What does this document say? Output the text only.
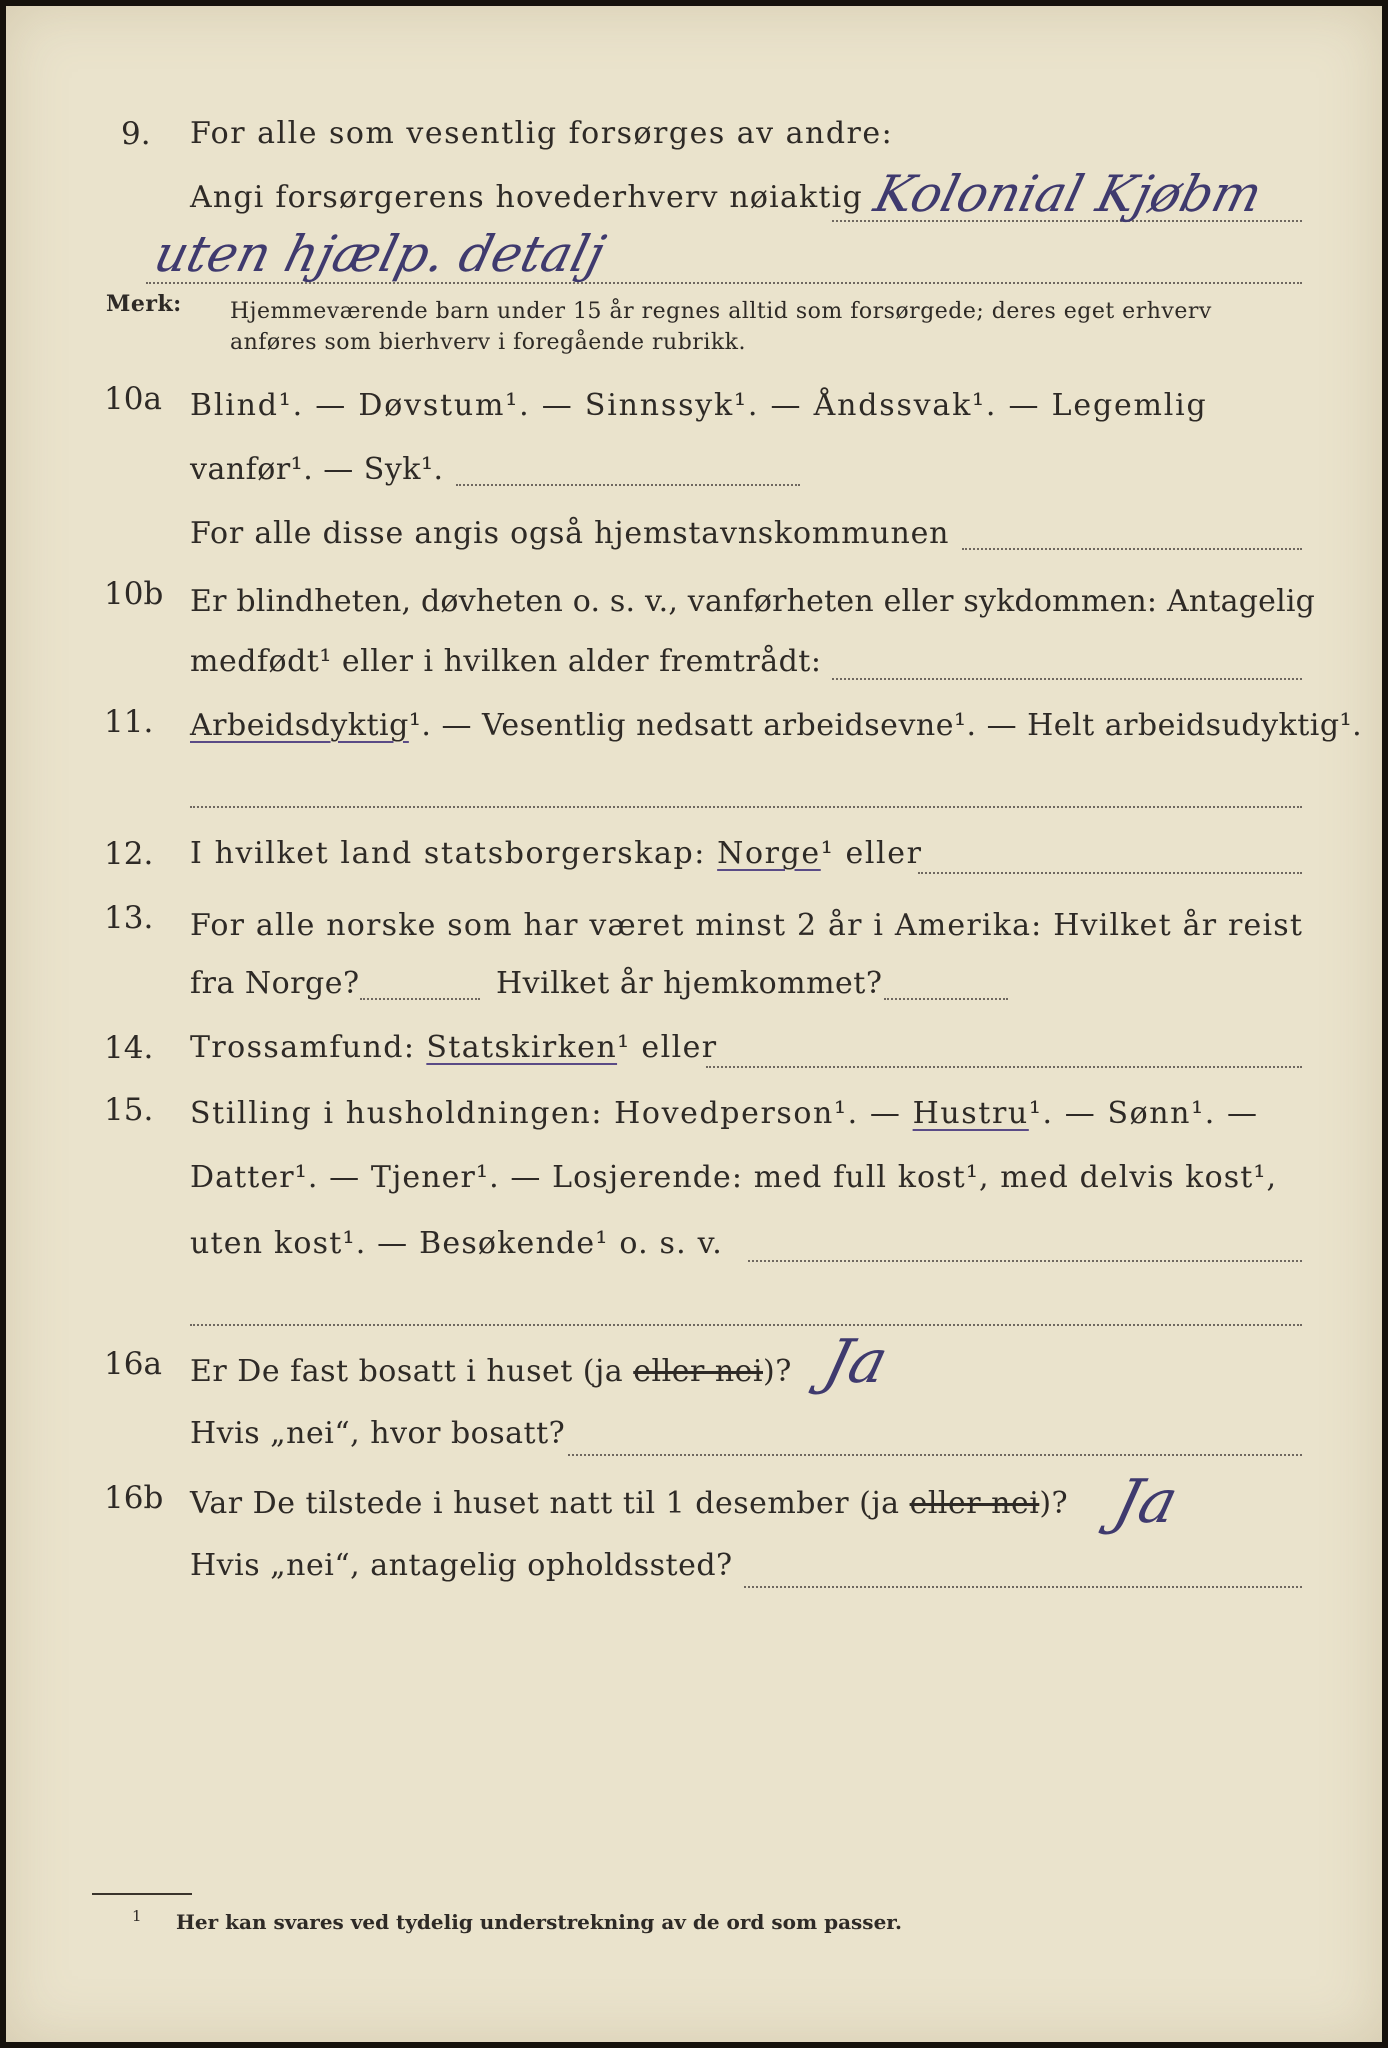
9. For alle som vesentlig forsørges av andre:
Angi forsørgerens hovederhverv nøiaktig Kolonial Kjøbm
uten hjælp. detalj
Merk: Hjemmeværende barn under 15 år regnes alltid som forsørgede; deres eget erhverv
anføres som bierhverv i foregående rubrikk.
10a Blind¹. — Døvstum¹. — Sinnssyk¹. — Åndssvak¹. — Legemlig
vanfør¹. — Syk¹.
For alle disse angis også hjemstavnskommunen
10b Er blindheten, døvheten o. s. v., vanførheten eller sykdommen: Antagelig
medfødt¹ eller i hvilken alder fremtrådt:
11. Arbeidsdyktig¹. — Vesentlig nedsatt arbeidsevne¹. — Helt arbeidsudyktig¹.
12. I hvilket land statsborgerskap: Norge¹ eller
13. For alle norske som har været minst 2 år i Amerika: Hvilket år reist
fra Norge?	Hvilket år hjemkommet?
14. Trossamfund: Statskirken¹ eller
15. Stilling i husholdningen: Hovedperson¹. — Hustru¹. — Sønn¹. —
Datter¹. — Tjener¹. — Losjerende: med full kost¹, med delvis kost¹,
uten kost¹. — Besøkende¹ o. s. v.
16a Er De fast bosatt i huset (ja eller nei)? Ja
Hvis „nei“, hvor bosatt?
16b Var De tilstede i huset natt til 1 desember (ja eller nei)? Ja
Hvis „nei“, antagelig opholdssted?
1 Her kan svares ved tydelig understrekning av de ord som passer.
